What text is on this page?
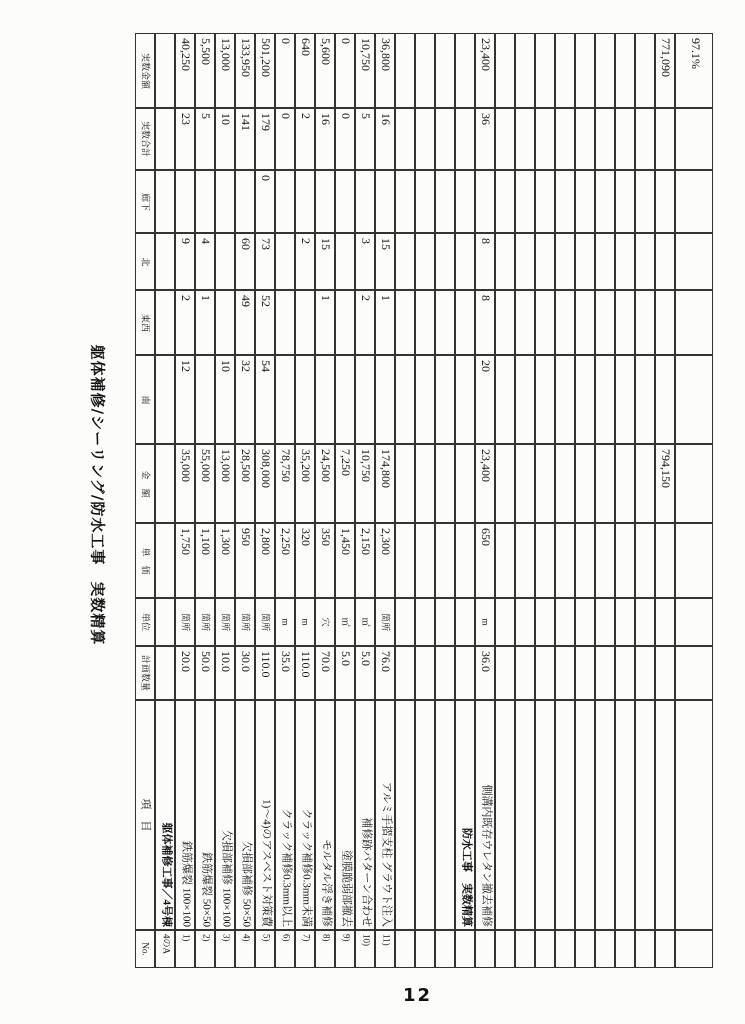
躯体補修/シーリング/防水工事　実数精算
No.
項　目
計画数量
単位
単　価
金　額
南
東西
北
廊下
実数合計
実数金額
4のA
躯体補修工事／4号棟
1)
鉄筋爆裂 100×100
20.0
箇所
1,750
35,000
12
2
9
23
40,250
2)
鉄筋爆裂 50×50
50.0
箇所
1,100
55,000
1
4
5
5,500
3)
欠損部補修 100×100
10.0
箇所
1,300
13,000
10
10
13,000
4)
欠損部補修 50×50
30.0
箇所
950
28,500
32
49
60
141
133,950
5)
1)～4)のアスベスト対策費
110.0
箇所
2,800
308,000
54
52
73
0
179
501,200
6)
クラック補修0.3mm以上
35.0
m
2,250
78,750
0
0
7)
クラック補修0.3mm未満
110.0
m
320
35,200
2
2
640
8)
モルタル浮き補修
70.0
穴
350
24,500
1
15
16
5,600
9)
塗膜脆弱部撤去
5.0
㎡
1,450
7,250
0
0
10)
補修跡パターン合わせ
5.0
㎡
2,150
10,750
2
3
5
10,750
11)
アルミ手摺支柱 グラウト注入
76.0
箇所
2,300
174,800
1
15
16
36,800
防水工事　実数精算 側溝内既存ウレタン撤去補修
36.0
m
650
23,400
20
8
8
36
23,400
794,150
771,090 97.1%
12
